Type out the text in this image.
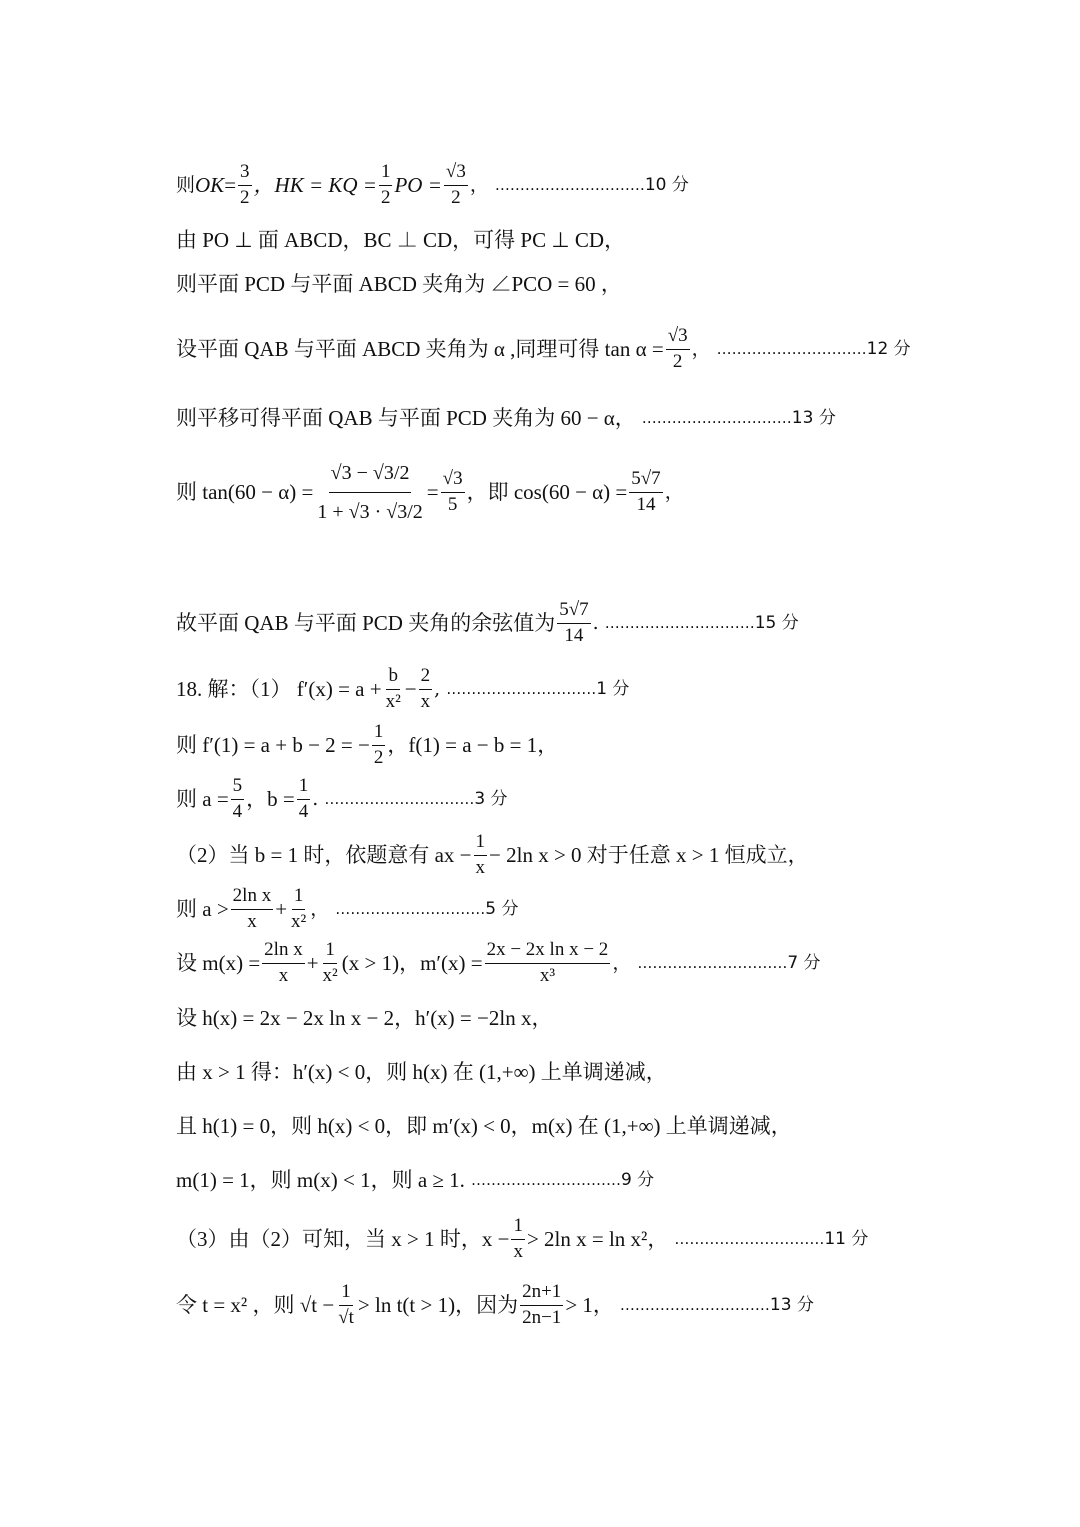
则 OK = $\frac{3}{2}$ ，HK = KQ = $\frac{1}{2}$ PO = $\frac{√3}{2}$ ， ………………………… 10 分
由 PO ⊥ 面 ABCD，BC ⊥ CD，可得 PC ⊥ CD，
则平面 PCD 与平面 ABCD 夹角为 ∠PCO = 60 ，
设平面 QAB 与平面 ABCD 夹角为 α ,同理可得 $\tan \alpha = \frac{√3}{2}$ ， ………………………… 12 分
则平移可得平面 QAB 与平面 PCD 夹角为 60 − α， ………………………… 13 分
则 $\tan(60 - \alpha) = \frac{√3 - √3/2}{1 + √3 \cdot √3/2} = \frac{√3}{5}$ ，即 $\cos(60 - \alpha) = \frac{5√7}{14}$ ，
故平面 QAB 与平面 PCD 夹角的余弦值为 $\frac{5√7}{14}$ . ………………………… 15 分
18. 解：（1） $f'(x) = a + \frac{b}{\text{x²}} - \frac{2}{x}$ , ………………………… 1 分
则 f′(1) = a + b − 2 = − $\frac{1}{2}$ ，f(1) = a − b = 1，
则 $a = \frac{5}{4}$ ，$b = \frac{1}{4}$ . ………………………… 3 分
（2）当 b = 1 时，依题意有 ax − $\frac{1}{x} - 2\ln$ x > 0 对于任意 x > 1 恒成立，
则 $a > \frac{\text{2ln x}}{x} + \frac{1}{\text{x²}}$ ， ………………………… 5 分
设 $m(x) = \frac{\text{2ln x}}{x} + \frac{1}{\text{x²}} (x > 1)$，$m'(x) = \frac{\text{2x − 2x ln x − 2}}{\text{x³}}$ ， ………………………… 7 分
设 h(x) = 2x − 2x ln x − 2，h′(x) = −2ln x，
由 x > 1 得：h′(x) < 0，则 h(x) 在 (1,+∞) 上单调递减，
且 h(1) = 0，则 h(x) < 0，即 m′(x) < 0，m(x) 在 (1,+∞) 上单调递减，
m(1) = 1，则 m(x) < 1，则 a ≥ 1. ………………………… 9 分
（3）由（2）可知，当 x > 1 时，$x - \frac{1}{x} > 2\ln$ x = ln x²， ………………………… 11 分
令 t = x² ，则 $√t - \frac{1}{√t} > \ln t(t > 1)$，因为 $\frac{2n+1}{2n-1} > 1$， ………………………… 13 分
